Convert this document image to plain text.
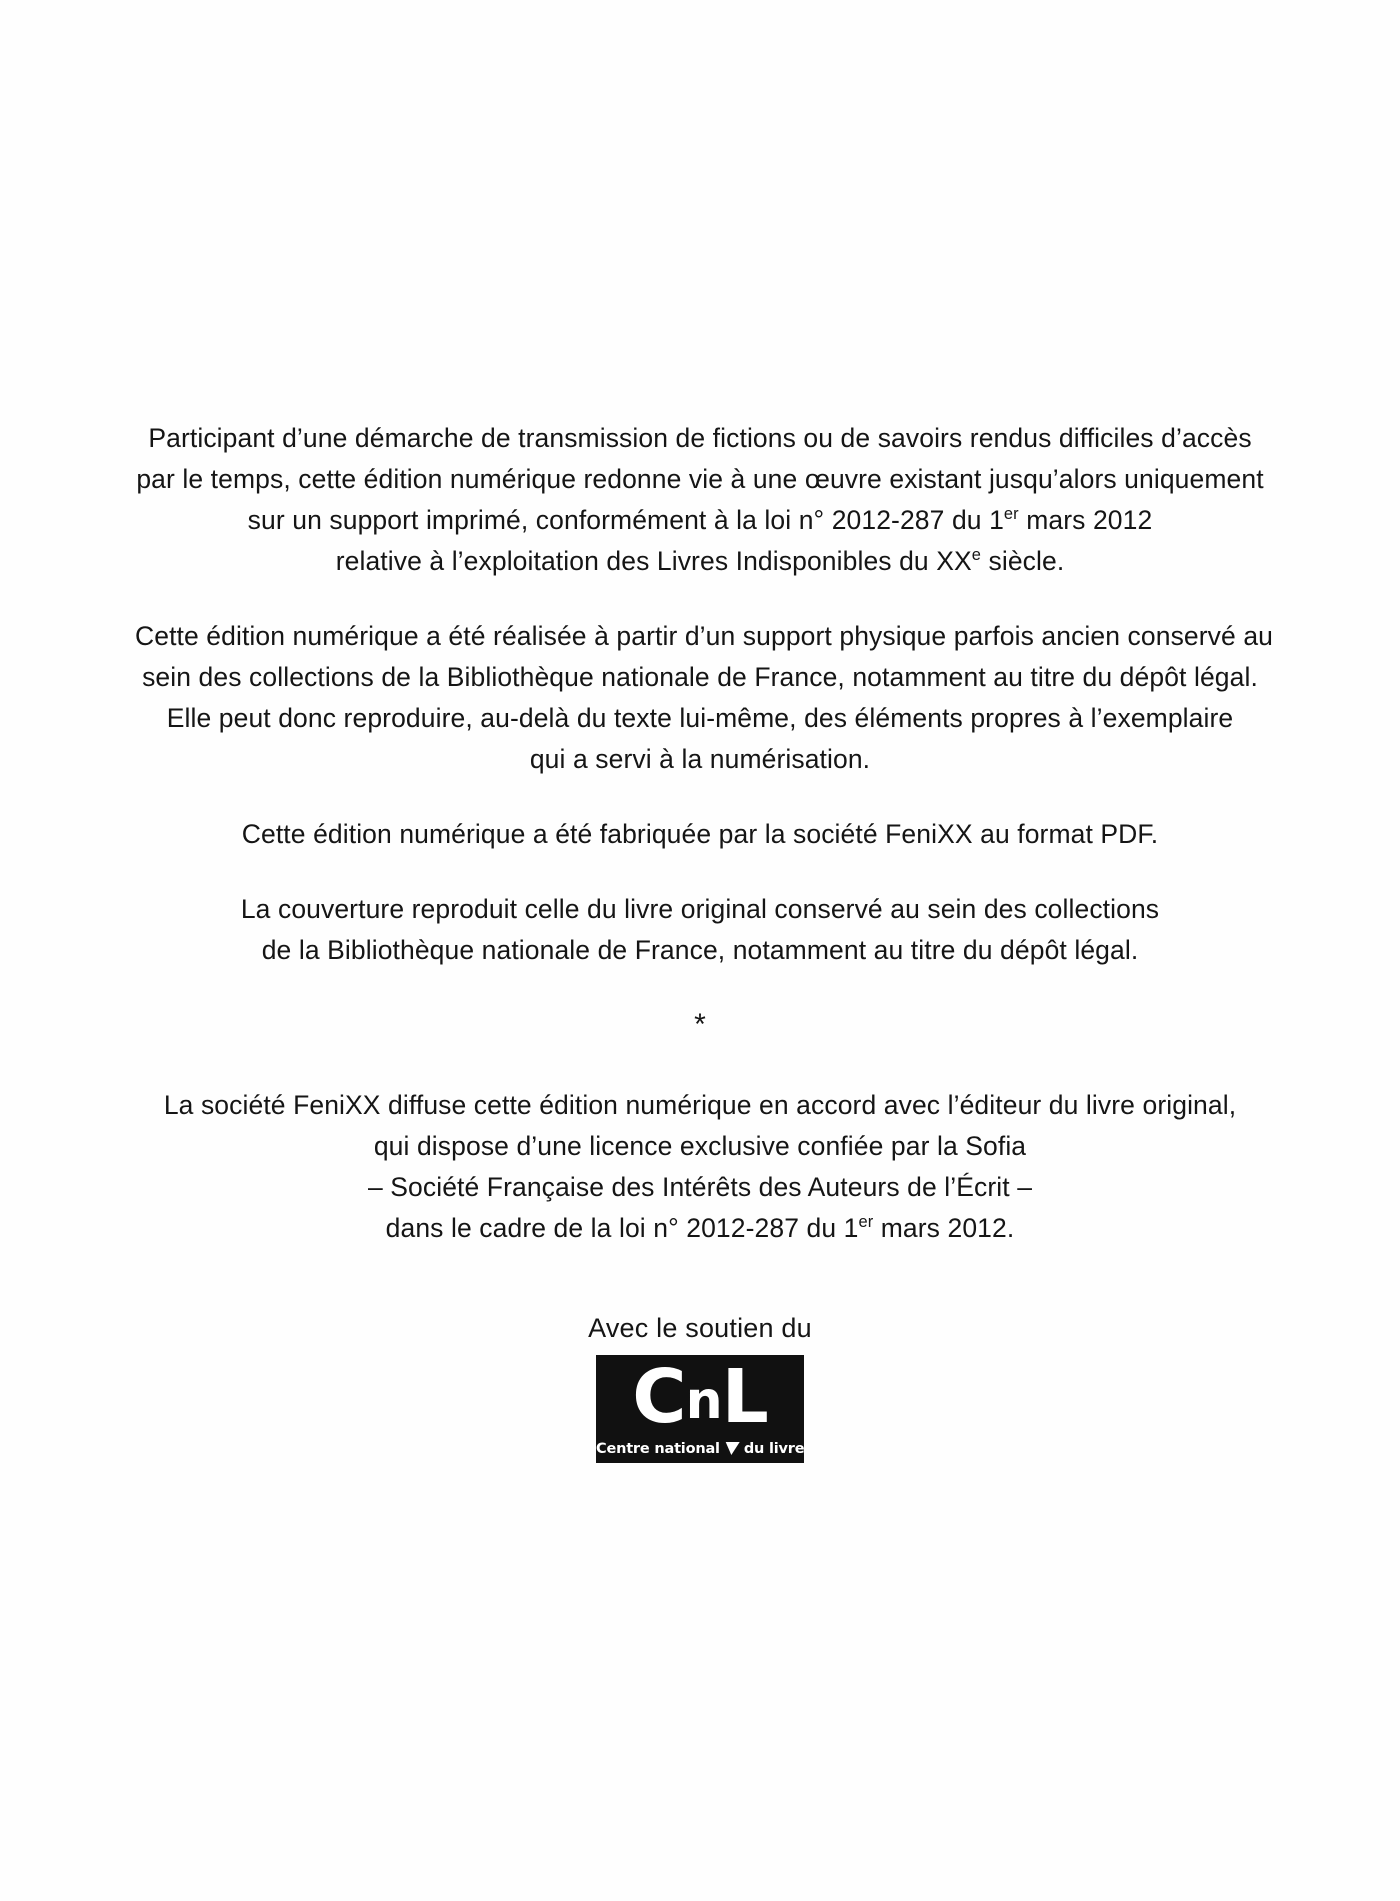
Participant d’une démarche de transmission de fictions ou de savoirs rendus difficiles d’accès
par le temps, cette édition numérique redonne vie à une œuvre existant jusqu’alors uniquement
sur un support imprimé, conformément à la loi n° 2012-287 du 1er mars 2012
relative à l’exploitation des Livres Indisponibles du XXe siècle.

Cette édition numérique a été réalisée à partir d’un support physique parfois ancien conservé au
sein des collections de la Bibliothèque nationale de France, notamment au titre du dépôt légal.
Elle peut donc reproduire, au-delà du texte lui-même, des éléments propres à l’exemplaire
qui a servi à la numérisation.

Cette édition numérique a été fabriquée par la société FeniXX au format PDF.

La couverture reproduit celle du livre original conservé au sein des collections
de la Bibliothèque nationale de France, notamment au titre du dépôt légal.

*

La société FeniXX diffuse cette édition numérique en accord avec l’éditeur du livre original,
qui dispose d’une licence exclusive confiée par la Sofia
– Société Française des Intérêts des Auteurs de l’Écrit –
dans le cadre de la loi n° 2012-287 du 1er mars 2012.

Avec le soutien du
CnL
Centre national du livre
